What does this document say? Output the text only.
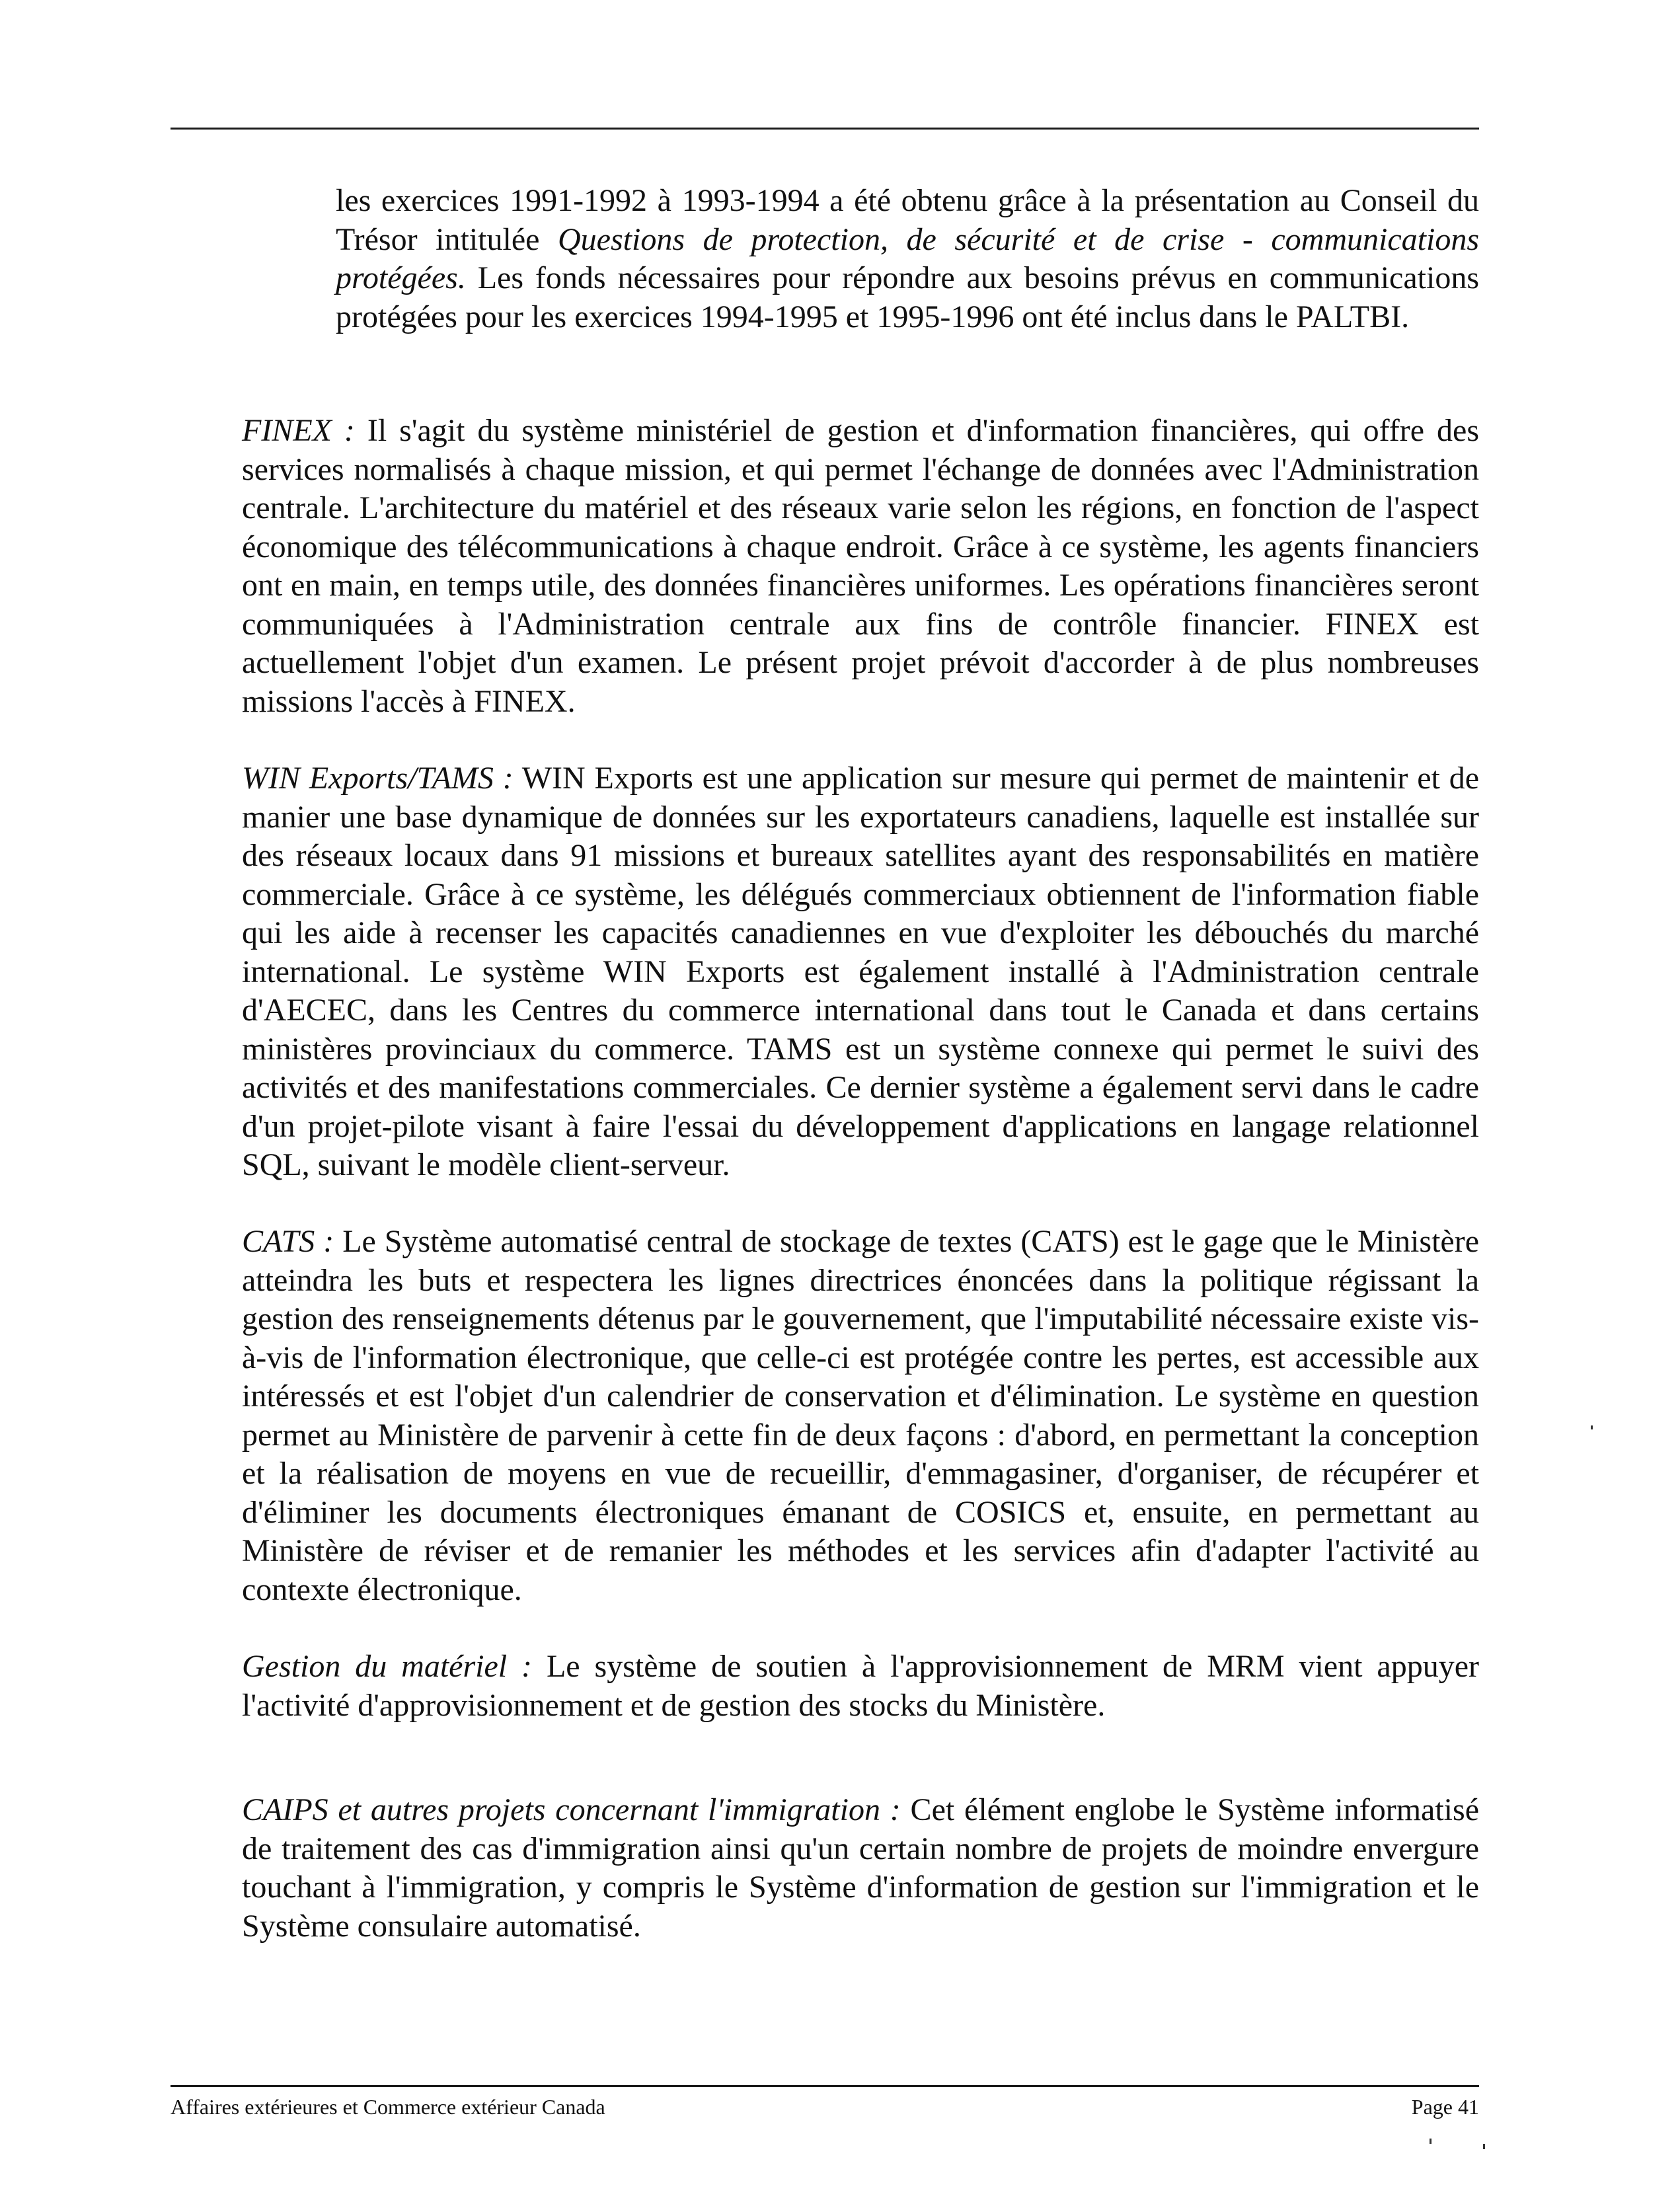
les exercices 1991-1992 à 1993-1994 a été obtenu grâce à la présentation au Conseil du Trésor intitulée Questions de protection, de sécurité et de crise - communications protégées. Les fonds nécessaires pour répondre aux besoins prévus en communications protégées pour les exercices 1994-1995 et 1995-1996 ont été inclus dans le PALTBI.
FINEX : Il s'agit du système ministériel de gestion et d'information financières, qui offre des services normalisés à chaque mission, et qui permet l'échange de données avec l'Administration centrale. L'architecture du matériel et des réseaux varie selon les régions, en fonction de l'aspect économique des télécommunications à chaque endroit. Grâce à ce système, les agents financiers ont en main, en temps utile, des données financières uniformes. Les opérations financières seront communiquées à l'Administration centrale aux fins de contrôle financier. FINEX est actuellement l'objet d'un examen. Le présent projet prévoit d'accorder à de plus nombreuses missions l'accès à FINEX.
WIN Exports/TAMS : WIN Exports est une application sur mesure qui permet de maintenir et de manier une base dynamique de données sur les exportateurs canadiens, laquelle est installée sur des réseaux locaux dans 91 missions et bureaux satellites ayant des responsabilités en matière commerciale. Grâce à ce système, les délégués commerciaux obtiennent de l'information fiable qui les aide à recenser les capacités canadiennes en vue d'exploiter les débouchés du marché international. Le système WIN Exports est également installé à l'Administration centrale d'AECEC, dans les Centres du commerce international dans tout le Canada et dans certains ministères provinciaux du commerce. TAMS est un système connexe qui permet le suivi des activités et des manifestations commerciales. Ce dernier système a également servi dans le cadre d'un projet-pilote visant à faire l'essai du développement d'applications en langage relationnel SQL, suivant le modèle client-serveur.
CATS : Le Système automatisé central de stockage de textes (CATS) est le gage que le Ministère atteindra les buts et respectera les lignes directrices énoncées dans la politique régissant la gestion des renseignements détenus par le gouvernement, que l'imputabilité nécessaire existe vis-à-vis de l'information électronique, que celle-ci est protégée contre les pertes, est accessible aux intéressés et est l'objet d'un calendrier de conservation et d'élimination. Le système en question permet au Ministère de parvenir à cette fin de deux façons : d'abord, en permettant la conception et la réalisation de moyens en vue de recueillir, d'emmagasiner, d'organiser, de récupérer et d'éliminer les documents électroniques émanant de COSICS et, ensuite, en permettant au Ministère de réviser et de remanier les méthodes et les services afin d'adapter l'activité au contexte électronique.
Gestion du matériel : Le système de soutien à l'approvisionnement de MRM vient appuyer l'activité d'approvisionnement et de gestion des stocks du Ministère.
CAIPS et autres projets concernant l'immigration : Cet élément englobe le Système informatisé de traitement des cas d'immigration ainsi qu'un certain nombre de projets de moindre envergure touchant à l'immigration, y compris le Système d'information de gestion sur l'immigration et le Système consulaire automatisé.
Affaires extérieures et Commerce extérieur Canada	Page 41
